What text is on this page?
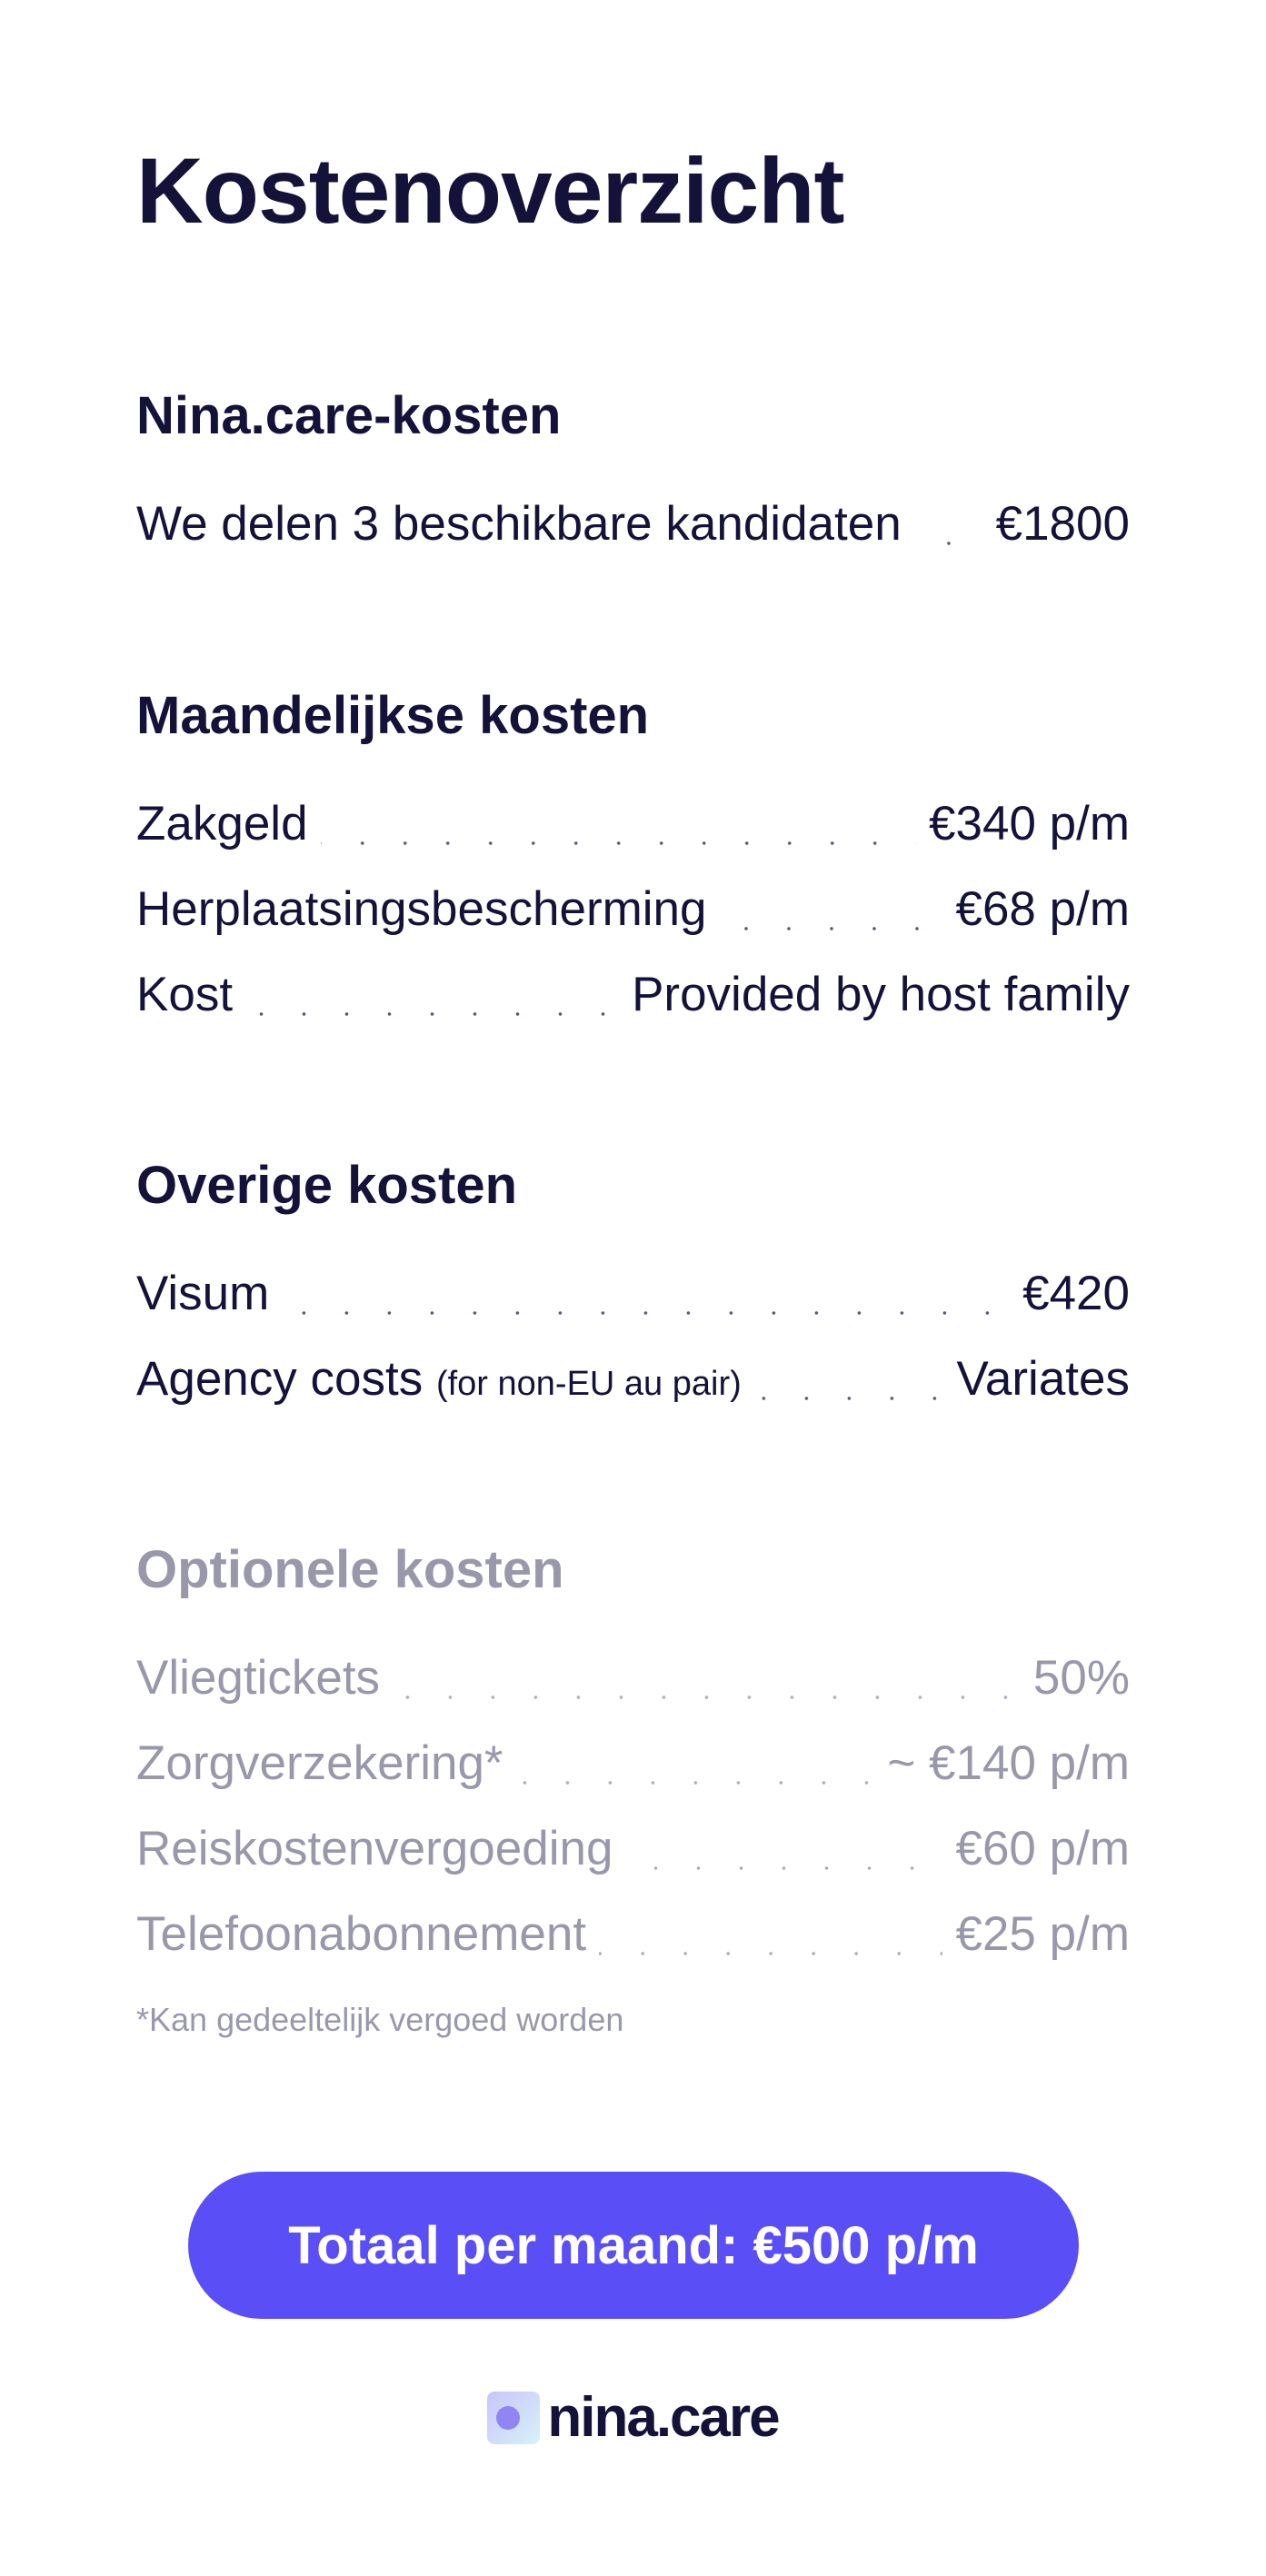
Kostenoverzicht
Nina.care-kosten
We delen 3 beschikbare kandidaten €1800
Maandelijkse kosten
Zakgeld	€340 p/m
Herplaatsingsbescherming	€68 p/m
Kost	Provided by host family
Overige kosten
Visum	€420
Agency costs (for non-EU au pair)	Variates
Optionele kosten
Vliegtickets	50%
Zorgverzekering*	~ €140 p/m
Reiskostenvergoeding	€60 p/m
Telefoonabonnement	€25 p/m
*Kan gedeeltelijk vergoed worden
Totaal per maand: €500 p/m
nina.care
